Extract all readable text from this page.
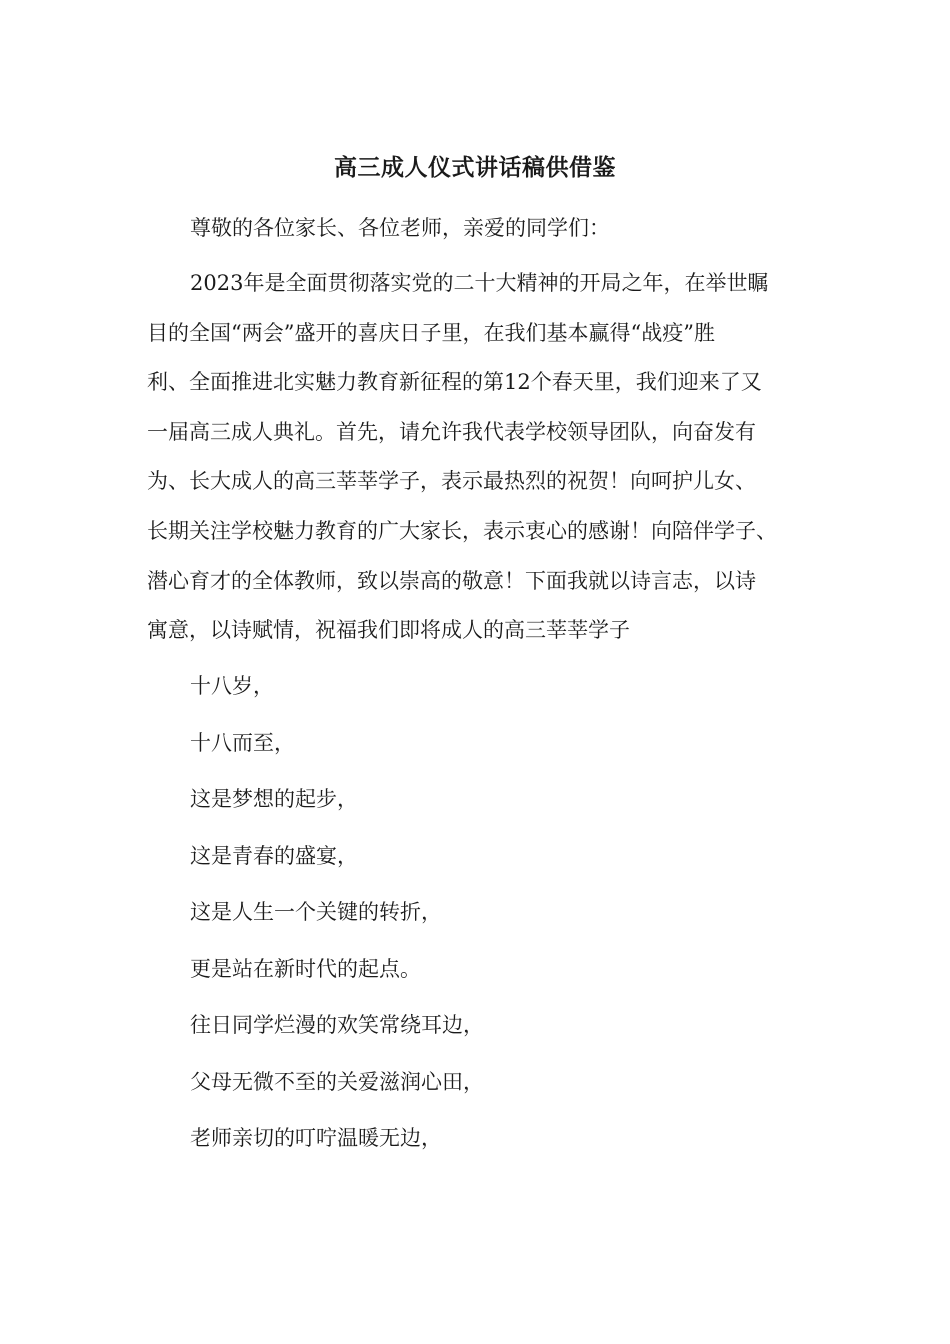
高三成人仪式讲话稿供借鉴
尊敬的各位家长、各位老师，亲爱的同学们：
2023年是全面贯彻落实党的二十大精神的开局之年，在举世瞩
目的全国“两会”盛开的喜庆日子里，在我们基本赢得“战疫”胜
利、全面推进北实魅力教育新征程的第12个春天里，我们迎来了又
一届高三成人典礼。首先，请允许我代表学校领导团队，向奋发有
为、长大成人的高三莘莘学子，表示最热烈的祝贺！向呵护儿女、
长期关注学校魅力教育的广大家长，表示衷心的感谢！向陪伴学子、
潜心育才的全体教师，致以崇高的敬意！下面我就以诗言志，以诗
寓意，以诗赋情，祝福我们即将成人的高三莘莘学子
十八岁，
十八而至，
这是梦想的起步，
这是青春的盛宴，
这是人生一个关键的转折，
更是站在新时代的起点。
往日同学烂漫的欢笑常绕耳边，
父母无微不至的关爱滋润心田，
老师亲切的叮咛温暖无边，
